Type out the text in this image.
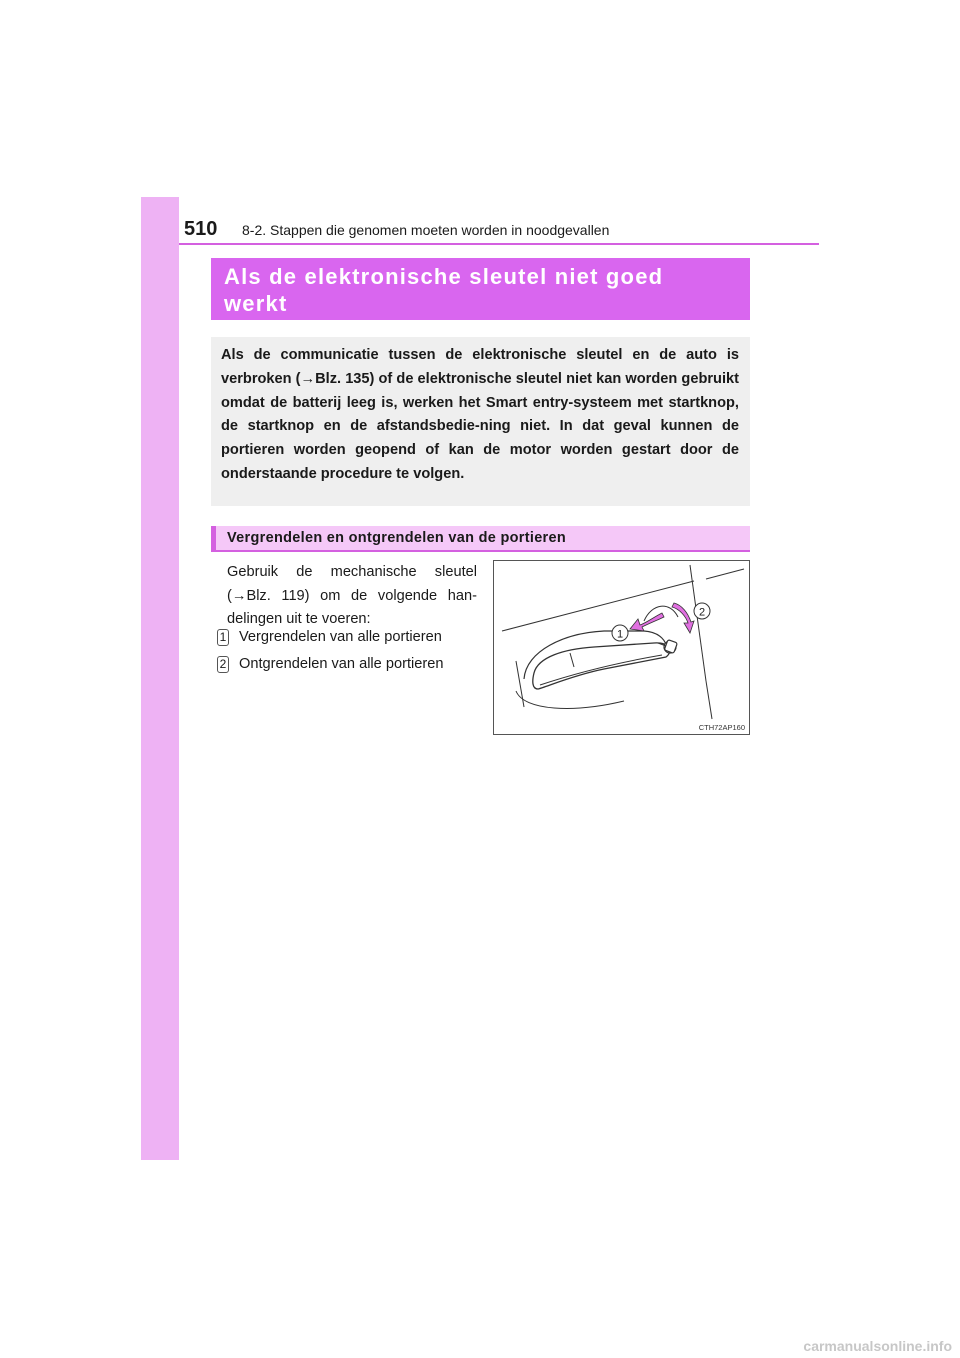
510 8-2. Stappen die genomen moeten worden in noodgevallen
Als de elektronische sleutel niet goed werkt
Als de communicatie tussen de elektronische sleutel en de auto is verbroken (→Blz. 135) of de elektronische sleutel niet kan worden gebruikt omdat de batterij leeg is, werken het Smart entry-systeem met startknop, de startknop en de afstandsbedie-ning niet. In dat geval kunnen de portieren worden geopend of kan de motor worden gestart door de onderstaande procedure te volgen.
Vergrendelen en ontgrendelen van de portieren
Gebruik de mechanische sleutel (→Blz. 119) om de volgende han-delingen uit te voeren:
1 Vergrendelen van alle portieren
2 Ontgrendelen van alle portieren
1
2
CTH72AP160
carmanualsonline.info
